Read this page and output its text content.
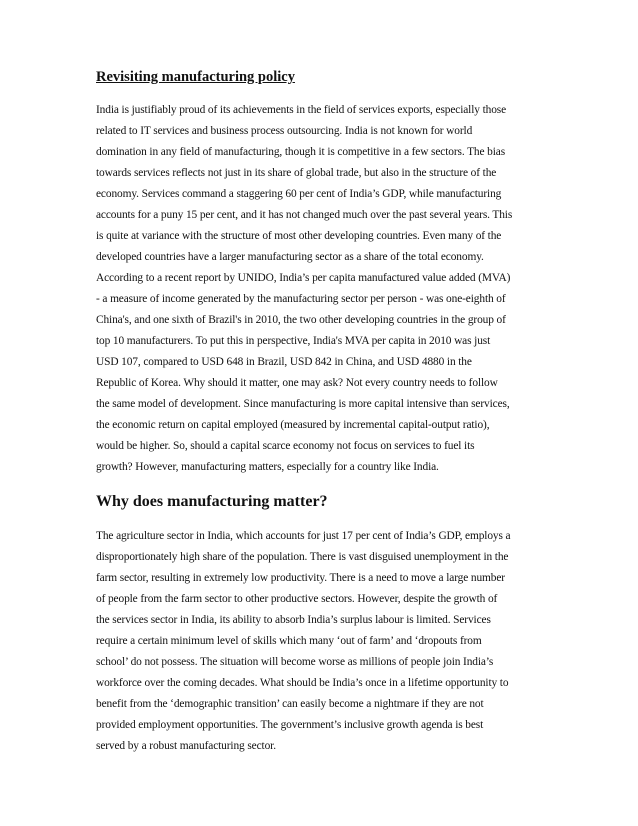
Revisiting manufacturing policy

India is justifiably proud of its achievements in the field of services exports, especially those
related to IT services and business process outsourcing. India is not known for world
domination in any field of manufacturing, though it is competitive in a few sectors. The bias
towards services reflects not just in its share of global trade, but also in the structure of the
economy. Services command a staggering 60 per cent of India’s GDP, while manufacturing
accounts for a puny 15 per cent, and it has not changed much over the past several years. This
is quite at variance with the structure of most other developing countries. Even many of the
developed countries have a larger manufacturing sector as a share of the total economy.
According to a recent report by UNIDO, India’s per capita manufactured value added (MVA)
- a measure of income generated by the manufacturing sector per person - was one-eighth of
China's, and one sixth of Brazil's in 2010, the two other developing countries in the group of
top 10 manufacturers. To put this in perspective, India's MVA per capita in 2010 was just
USD 107, compared to USD 648 in Brazil, USD 842 in China, and USD 4880 in the
Republic of Korea. Why should it matter, one may ask? Not every country needs to follow
the same model of development. Since manufacturing is more capital intensive than services,
the economic return on capital employed (measured by incremental capital-output ratio),
would be higher. So, should a capital scarce economy not focus on services to fuel its
growth? However, manufacturing matters, especially for a country like India.

Why does manufacturing matter?

The agriculture sector in India, which accounts for just 17 per cent of India’s GDP, employs a
disproportionately high share of the population. There is vast disguised unemployment in the
farm sector, resulting in extremely low productivity. There is a need to move a large number
of people from the farm sector to other productive sectors. However, despite the growth of
the services sector in India, its ability to absorb India’s surplus labour is limited. Services
require a certain minimum level of skills which many ‘out of farm’ and ‘dropouts from
school’ do not possess. The situation will become worse as millions of people join India’s
workforce over the coming decades. What should be India’s once in a lifetime opportunity to
benefit from the ‘demographic transition’ can easily become a nightmare if they are not
provided employment opportunities. The government’s inclusive growth agenda is best
served by a robust manufacturing sector.
